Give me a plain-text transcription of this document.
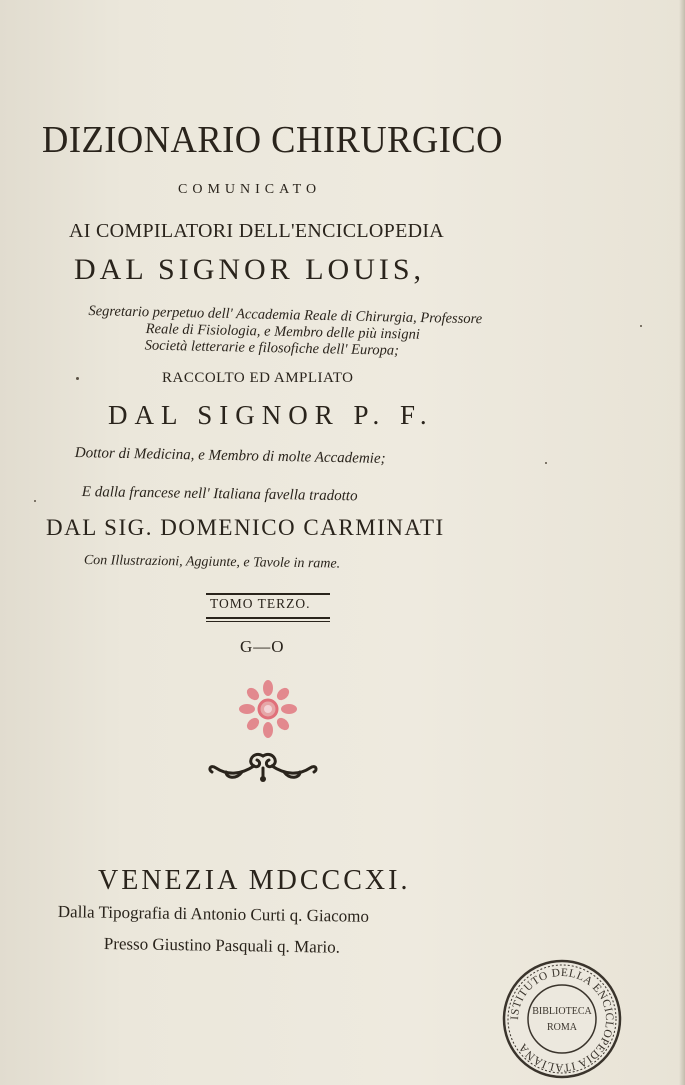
DIZIONARIO CHIRURGICO
COMUNICATO
AI COMPILATORI DELL'ENCICLOPEDIA
DAL SIGNOR LOUIS,
Segretario perpetuo dell' Accademia Reale di Chirurgia, Professore
Reale di Fisiologia, e Membro delle più insigni
Società letterarie e filosofiche dell' Europa;
RACCOLTO ED AMPLIATO
DAL SIGNOR P. F.
Dottor di Medicina, e Membro di molte Accademie;
E dalla francese nell' Italiana favella tradotto
DAL SIG. DOMENICO CARMINATI
Con Illustrazioni, Aggiunte, e Tavole in rame.
TOMO TERZO.
G—O
VENEZIA MDCCCXI.
Dalla Tipografia di Antonio Curti q. Giacomo
Presso Giustino Pasquali q. Mario.
ISTITUTO DELLA ENCICLOPEDIA ITALIANA
BIBLIOTECA
ROMA
